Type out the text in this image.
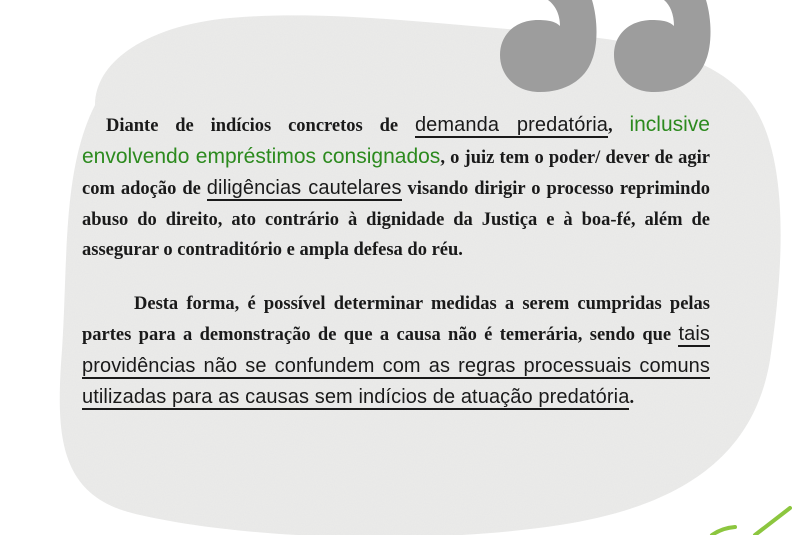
Diante de indícios concretos de demanda predatória, inclusive envolvendo empréstimos consignados, o juiz tem o poder/ dever de agir com adoção de diligências cautelares visando dirigir o processo reprimindo abuso do direito, ato contrário à dignidade da Justiça e à boa-fé, além de assegurar o contraditório e ampla defesa do réu.

Desta forma, é possível determinar medidas a serem cumpridas pelas partes para a demonstração de que a causa não é temerária, sendo que tais providências não se confundem com as regras processuais comuns utilizadas para as causas sem indícios de atuação predatória.
